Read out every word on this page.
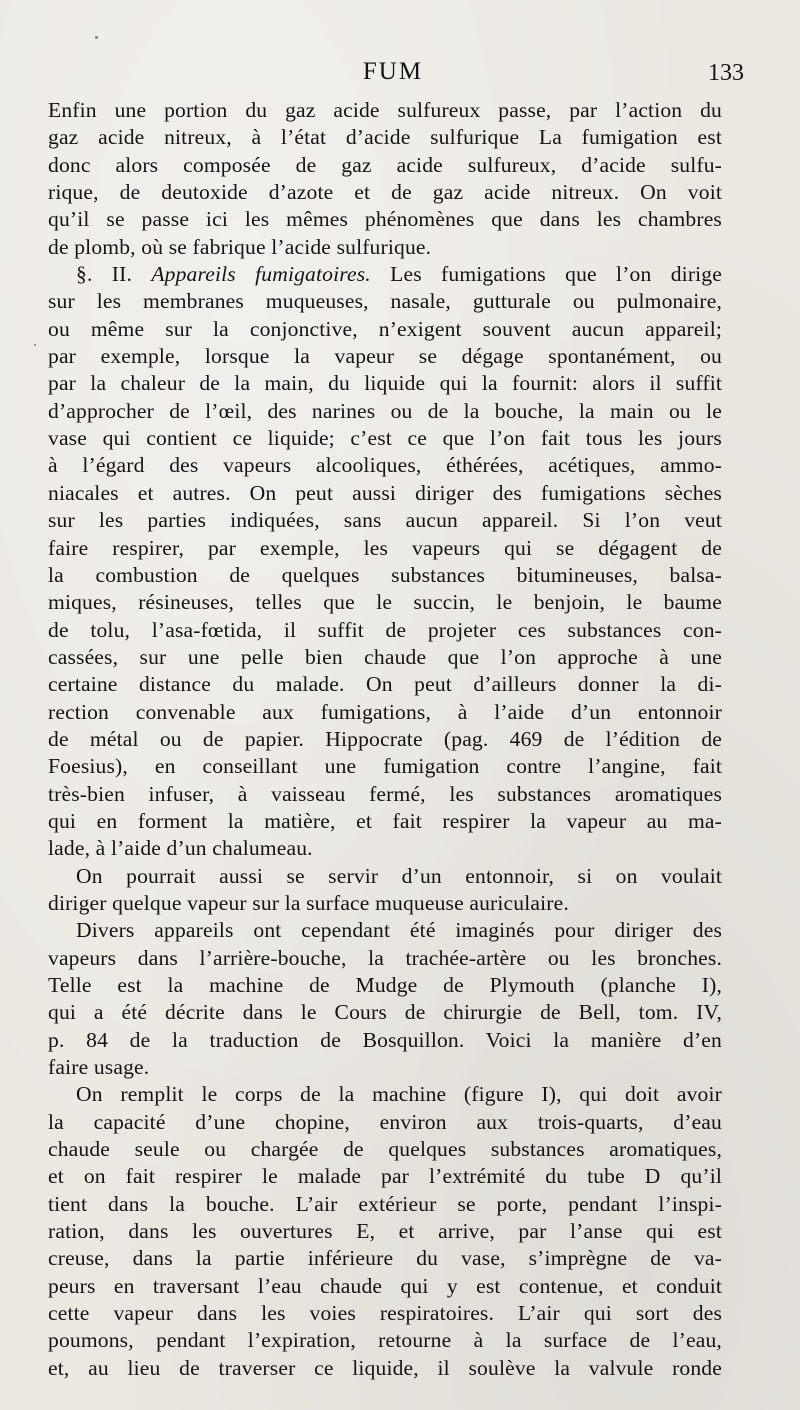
FUM	133

Enfin une portion du gaz acide sulfureux passe, par l’action du
gaz acide nitreux, à l’état d’acide sulfurique La fumigation est
donc alors composée de gaz acide sulfureux, d’acide sulfu-
rique, de deutoxide d’azote et de gaz acide nitreux. On voit
qu’il se passe ici les mêmes phénomènes que dans les chambres
de plomb, où se fabrique l’acide sulfurique.

§. II. Appareils fumigatoires. Les fumigations que l’on dirige
sur les membranes muqueuses, nasale, gutturale ou pulmonaire,
ou même sur la conjonctive, n’exigent souvent aucun appareil;
par exemple, lorsque la vapeur se dégage spontanément, ou
par la chaleur de la main, du liquide qui la fournit: alors il suffit
d’approcher de l’œil, des narines ou de la bouche, la main ou le
vase qui contient ce liquide; c’est ce que l’on fait tous les jours
à l’égard des vapeurs alcooliques, éthérées, acétiques, ammo-
niacales et autres. On peut aussi diriger des fumigations sèches
sur les parties indiquées, sans aucun appareil. Si l’on veut
faire respirer, par exemple, les vapeurs qui se dégagent de
la combustion de quelques substances bitumineuses, balsa-
miques, résineuses, telles que le succin, le benjoin, le baume
de tolu, l’asa-fœtida, il suffit de projeter ces substances con-
cassées, sur une pelle bien chaude que l’on approche à une
certaine distance du malade. On peut d’ailleurs donner la di-
rection convenable aux fumigations, à l’aide d’un entonnoir
de métal ou de papier. Hippocrate (pag. 469 de l’édition de
Foesius), en conseillant une fumigation contre l’angine, fait
très-bien infuser, à vaisseau fermé, les substances aromatiques
qui en forment la matière, et fait respirer la vapeur au ma-
lade, à l’aide d’un chalumeau.

On pourrait aussi se servir d’un entonnoir, si on voulait
diriger quelque vapeur sur la surface muqueuse auriculaire.

Divers appareils ont cependant été imaginés pour diriger des
vapeurs dans l’arrière-bouche, la trachée-artère ou les bronches.
Telle est la machine de Mudge de Plymouth (planche I),
qui a été décrite dans le Cours de chirurgie de Bell, tom. IV,
p. 84 de la traduction de Bosquillon. Voici la manière d’en
faire usage.

On remplit le corps de la machine (figure I), qui doit avoir
la capacité d’une chopine, environ aux trois-quarts, d’eau
chaude seule ou chargée de quelques substances aromatiques,
et on fait respirer le malade par l’extrémité du tube D qu’il
tient dans la bouche. L’air extérieur se porte, pendant l’inspi-
ration, dans les ouvertures E, et arrive, par l’anse qui est
creuse, dans la partie inférieure du vase, s’imprègne de va-
peurs en traversant l’eau chaude qui y est contenue, et conduit
cette vapeur dans les voies respiratoires. L’air qui sort des
poumons, pendant l’expiration, retourne à la surface de l’eau,
et, au lieu de traverser ce liquide, il soulève la valvule ronde
